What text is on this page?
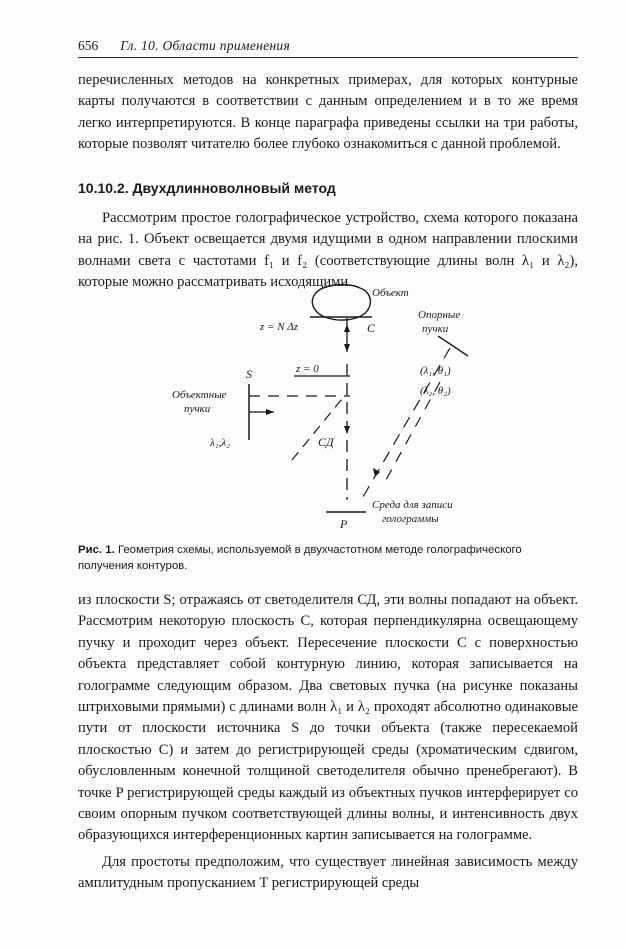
656 Гл. 10. Области применения
перечисленных методов на конкретных примерах, для которых контурные карты получаются в соответствии с данным определением и в то же время легко интерпретируются. В конце параграфа приведены ссылки на три работы, которые позволят читателю более глубоко ознакомиться с данной проблемой.
10.10.2. Двухдлинноволновый метод
Рассмотрим простое голографическое устройство, схема которого показана на рис. 1. Объект освещается двумя идущими в одном направлении плоскими волнами света с частотами f₁ и f₂ (соответствующие длины волн λ₁ и λ₂), которые можно рассматривать исходящими
Объект
z = N Δz	C
z = 0
Опорные
пучки
(λ₁, θ₁)
(λ₂, θ₂)
S
Объектные
пучки
λ₁,λ₂	СД
P
Среда для записи
голограммы
Рис. 1. Геометрия схемы, используемой в двухчастотном методе голографического получения контуров.
из плоскости S; отражаясь от светоделителя СД, эти волны попадают на объект. Рассмотрим некоторую плоскость C, которая перпендикулярна освещающему пучку и проходит через объект. Пересечение плоскости C с поверхностью объекта представляет собой контурную линию, которая записывается на голограмме следующим образом. Два световых пучка (на рисунке показаны штриховыми прямыми) с длинами волн λ₁ и λ₂ проходят абсолютно одинаковые пути от плоскости источника S до точки объекта (также пересекаемой плоскостью C) и затем до регистрирующей среды (хроматическим сдвигом, обусловленным конечной толщиной светоделителя обычно пренебрегают). В точке P регистрирующей среды каждый из объектных пучков интерферирует со своим опорным пучком соответствующей длины волны, и интенсивность двух образующихся интерференционных картин записывается на голограмме.
Для простоты предположим, что существует линейная зависимость между амплитудным пропусканием T регистрирующей среды
